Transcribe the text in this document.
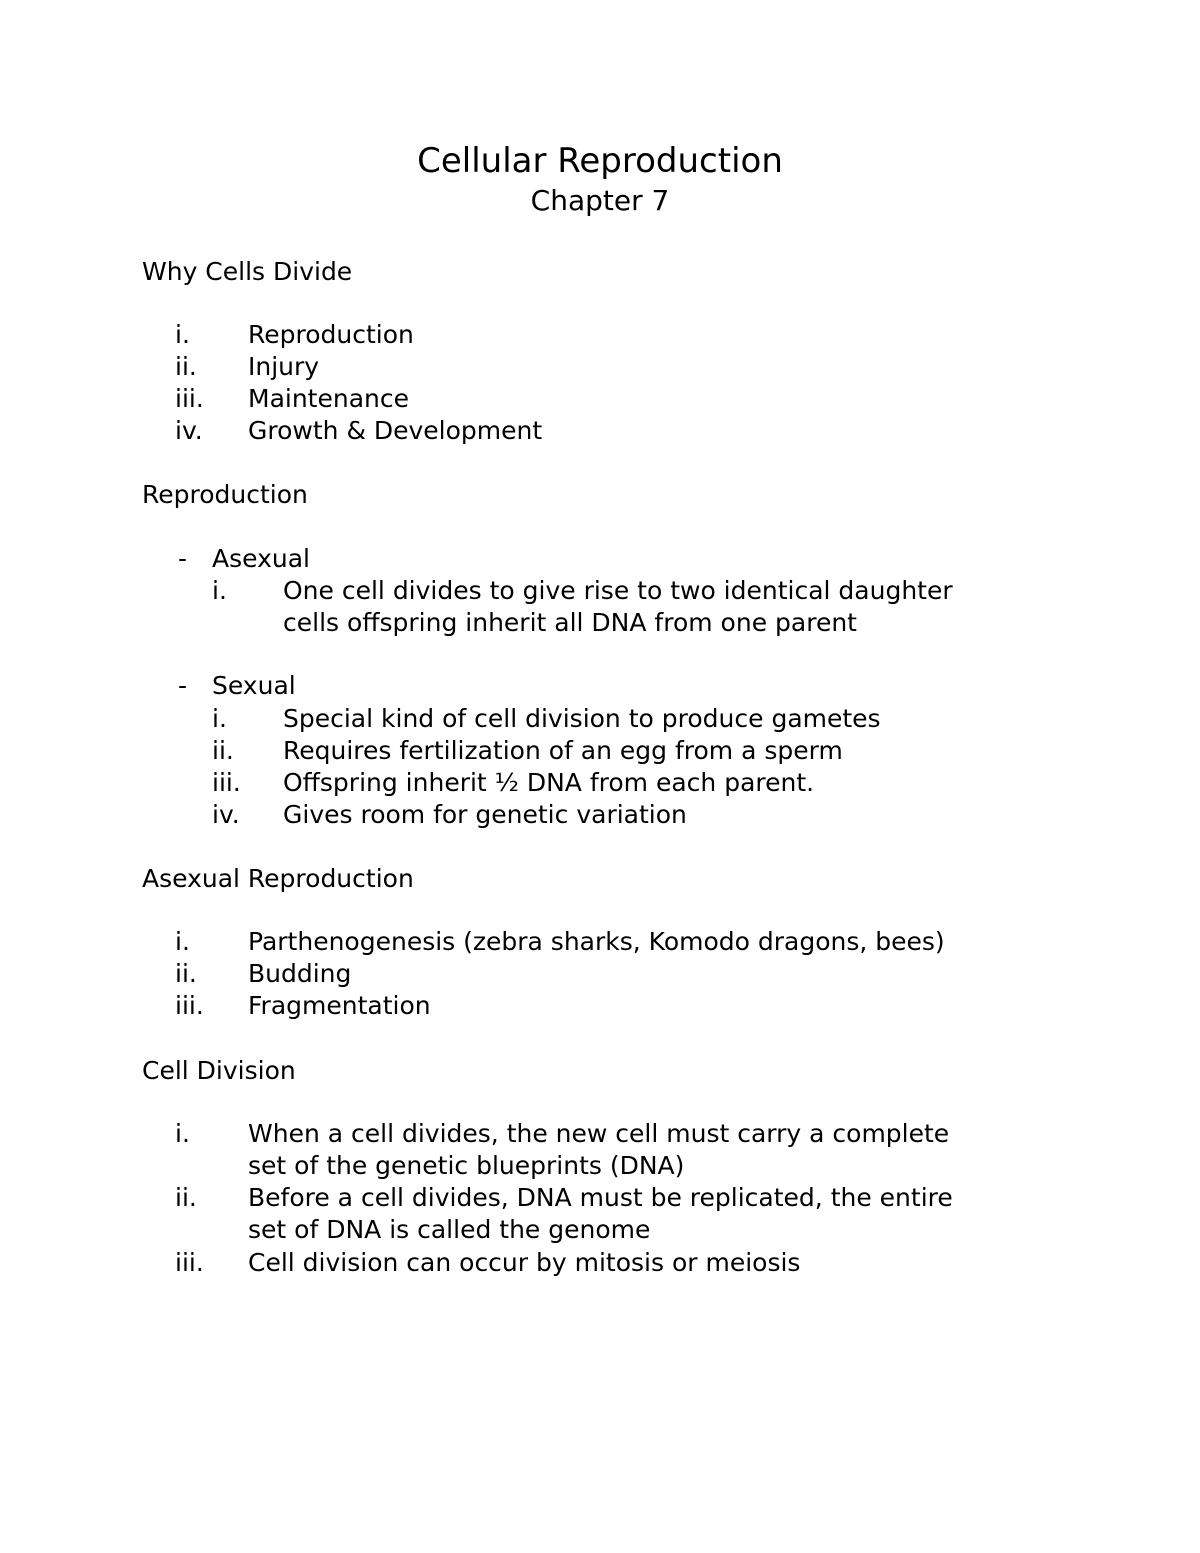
Cellular Reproduction
Chapter 7
Why Cells Divide
i. Reproduction
ii. Injury
iii. Maintenance
iv. Growth & Development
Reproduction
- Asexual
i. One cell divides to give rise to two identical daughter
cells offspring inherit all DNA from one parent
- Sexual
i. Special kind of cell division to produce gametes
ii. Requires fertilization of an egg from a sperm
iii. Offspring inherit ½ DNA from each parent.
iv. Gives room for genetic variation
Asexual Reproduction
i. Parthenogenesis (zebra sharks, Komodo dragons, bees)
ii. Budding
iii. Fragmentation
Cell Division
i. When a cell divides, the new cell must carry a complete
set of the genetic blueprints (DNA)
ii. Before a cell divides, DNA must be replicated, the entire
set of DNA is called the genome
iii. Cell division can occur by mitosis or meiosis
